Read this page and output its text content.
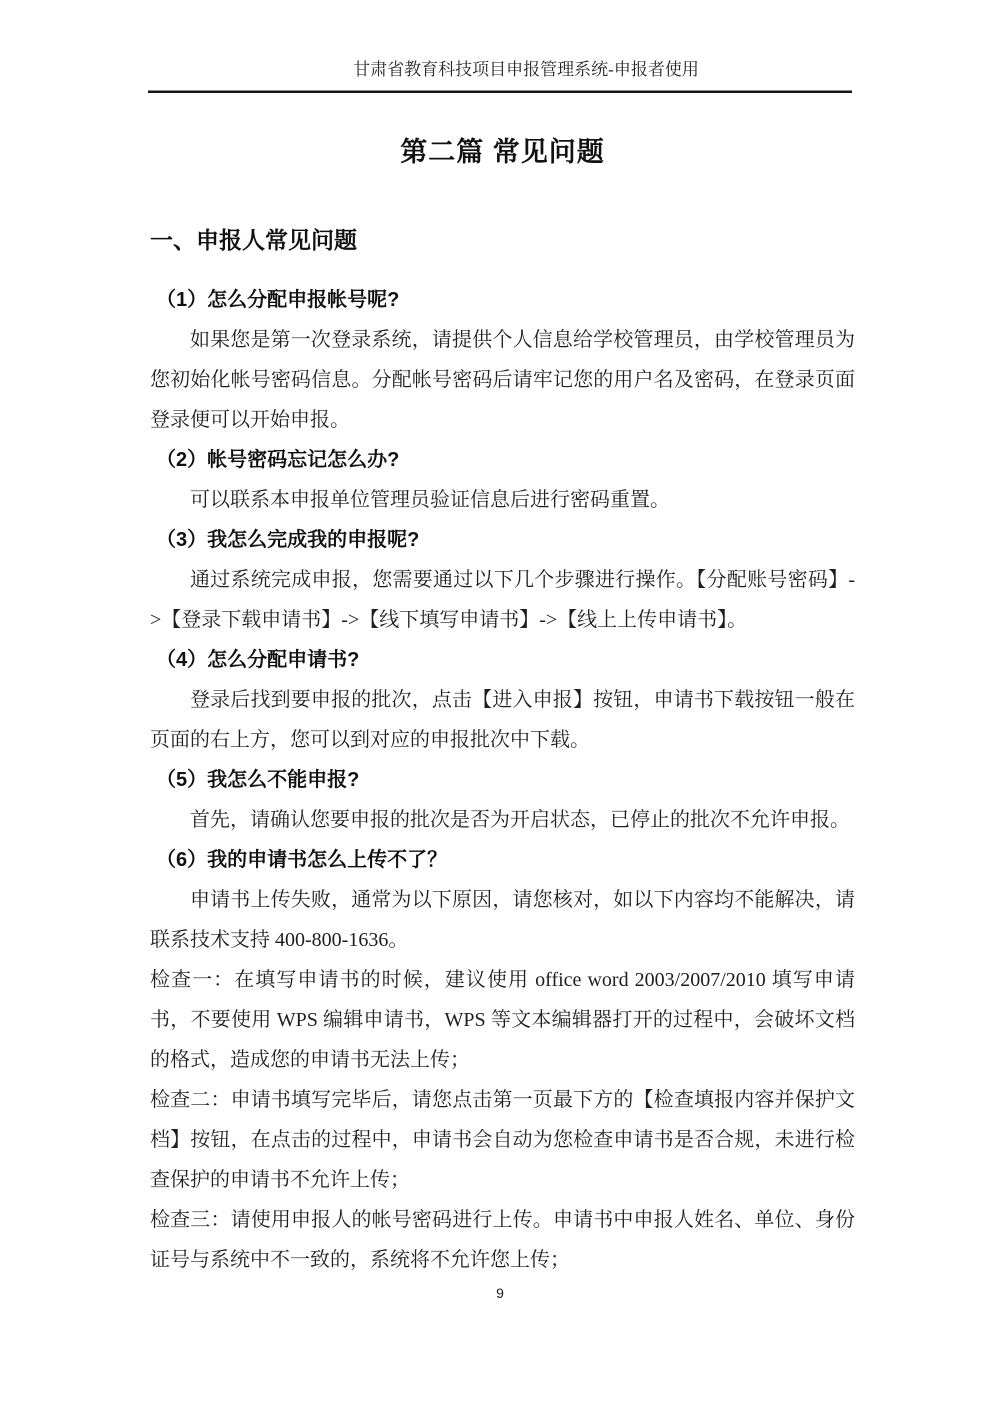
甘肃省教育科技项目申报管理系统-申报者使用
第二篇 常见问题
一、申报人常见问题
（1）怎么分配申报帐号呢?

如果您是第一次登录系统，请提供个人信息给学校管理员，由学校管理员为您初始化帐号密码信息。分配帐号密码后请牢记您的用户名及密码，在登录页面登录便可以开始申报。

（2）帐号密码忘记怎么办?

可以联系本申报单位管理员验证信息后进行密码重置。

（3）我怎么完成我的申报呢?

通过系统完成申报，您需要通过以下几个步骤进行操作。【分配账号密码】->【登录下载申请书】->【线下填写申请书】->【线上上传申请书】。

（4）怎么分配申请书?

登录后找到要申报的批次，点击【进入申报】按钮，申请书下载按钮一般在页面的右上方，您可以到对应的申报批次中下载。

（5）我怎么不能申报?

首先，请确认您要申报的批次是否为开启状态，已停止的批次不允许申报。

（6）我的申请书怎么上传不了？

申请书上传失败，通常为以下原因，请您核对，如以下内容均不能解决，请联系技术支持 400-800-1636。

检查一：在填写申请书的时候，建议使用 office word 2003/2007/2010 填写申请书，不要使用 WPS 编辑申请书，WPS 等文本编辑器打开的过程中，会破坏文档的格式，造成您的申请书无法上传；

检查二：申请书填写完毕后，请您点击第一页最下方的【检查填报内容并保护文档】按钮，在点击的过程中，申请书会自动为您检查申请书是否合规，未进行检查保护的申请书不允许上传；

检查三：请使用申报人的帐号密码进行上传。申请书中申报人姓名、单位、身份证号与系统中不一致的，系统将不允许您上传；

9
